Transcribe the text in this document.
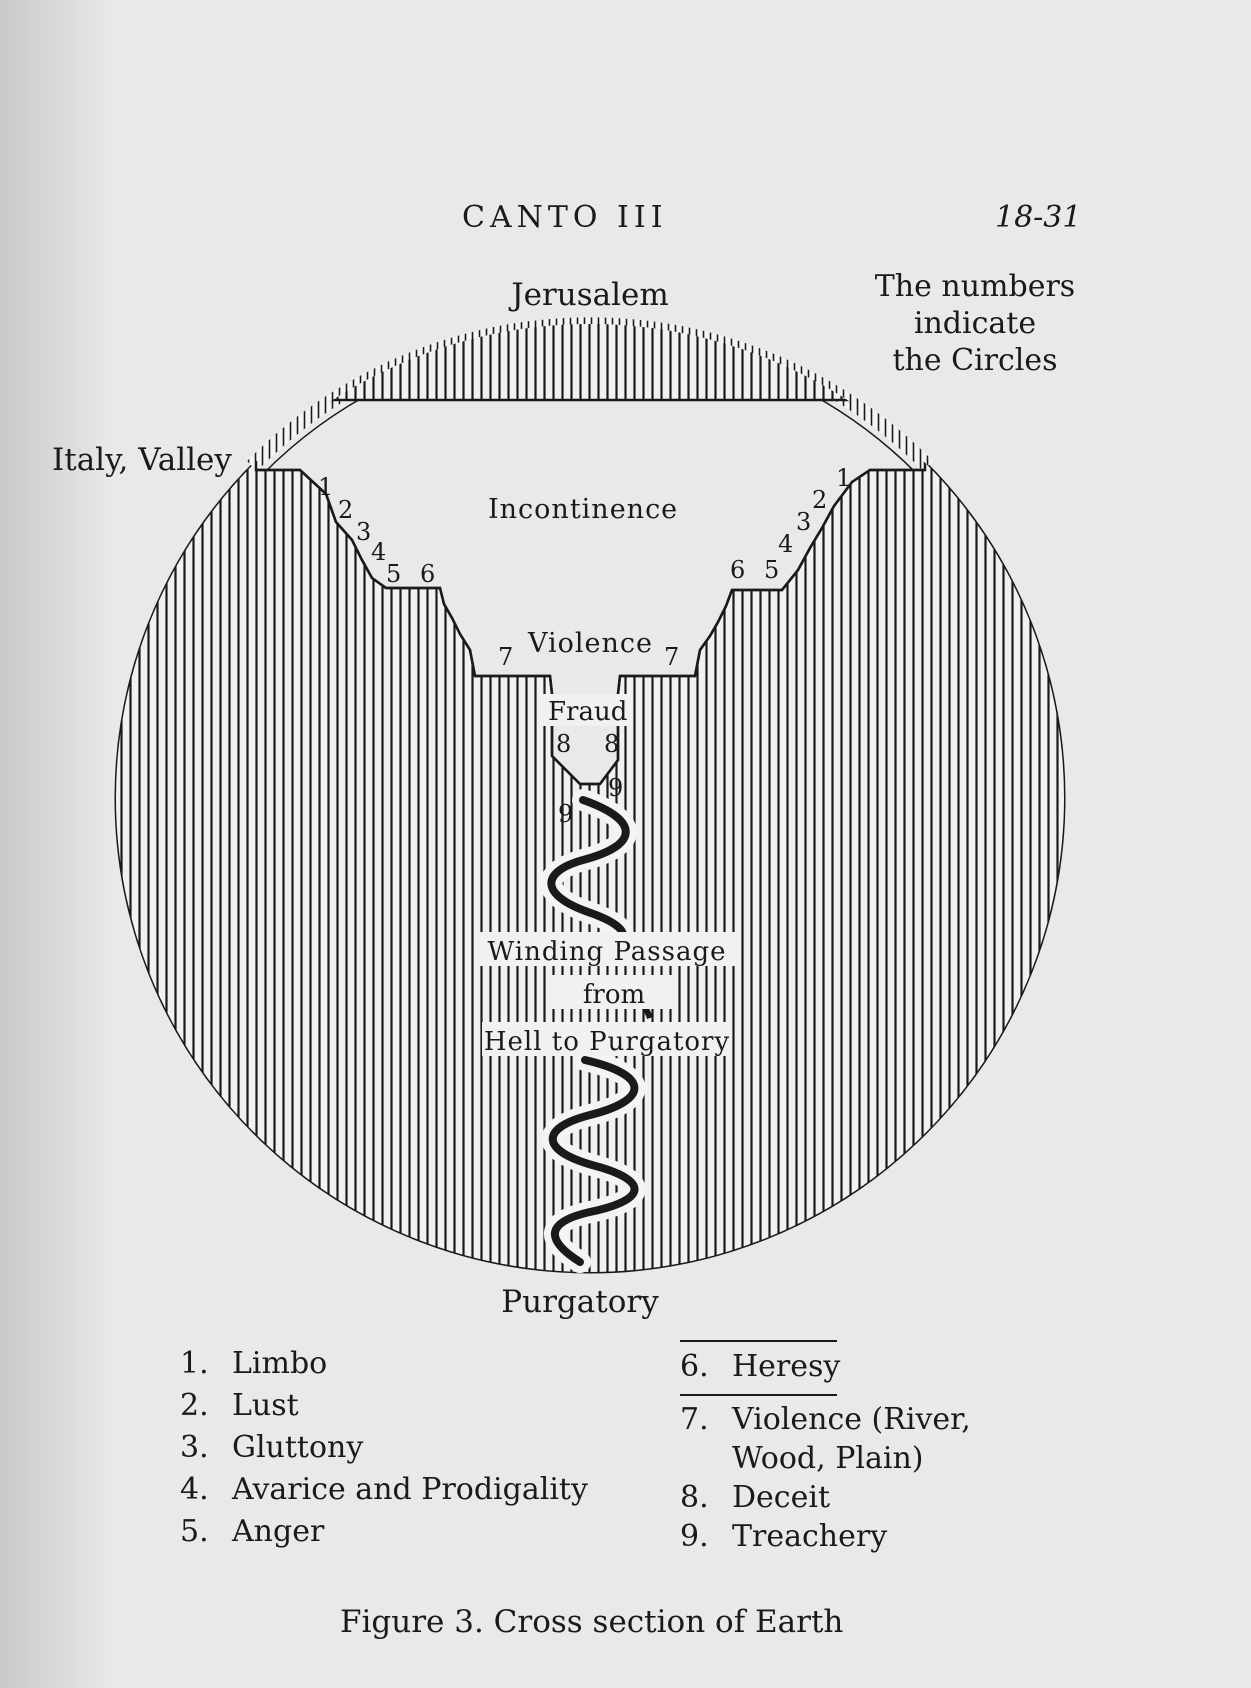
CANTO III	18-31
The numbers
indicate
the Circles
Jerusalem
Italy, Valley
Incontinence
Violence
Fraud
Winding Passage
from
Hell to Purgatory
Purgatory
1
2
3
4
5 6
7
8
9
1
2
3
4
5
6
7
8
9
1. Limbo
2. Lust
3. Gluttony
4. Avarice and Prodigality
5. Anger
6. Heresy
7. Violence (River,
Wood, Plain)
8. Deceit
9. Treachery
Figure 3. Cross section of Earth
